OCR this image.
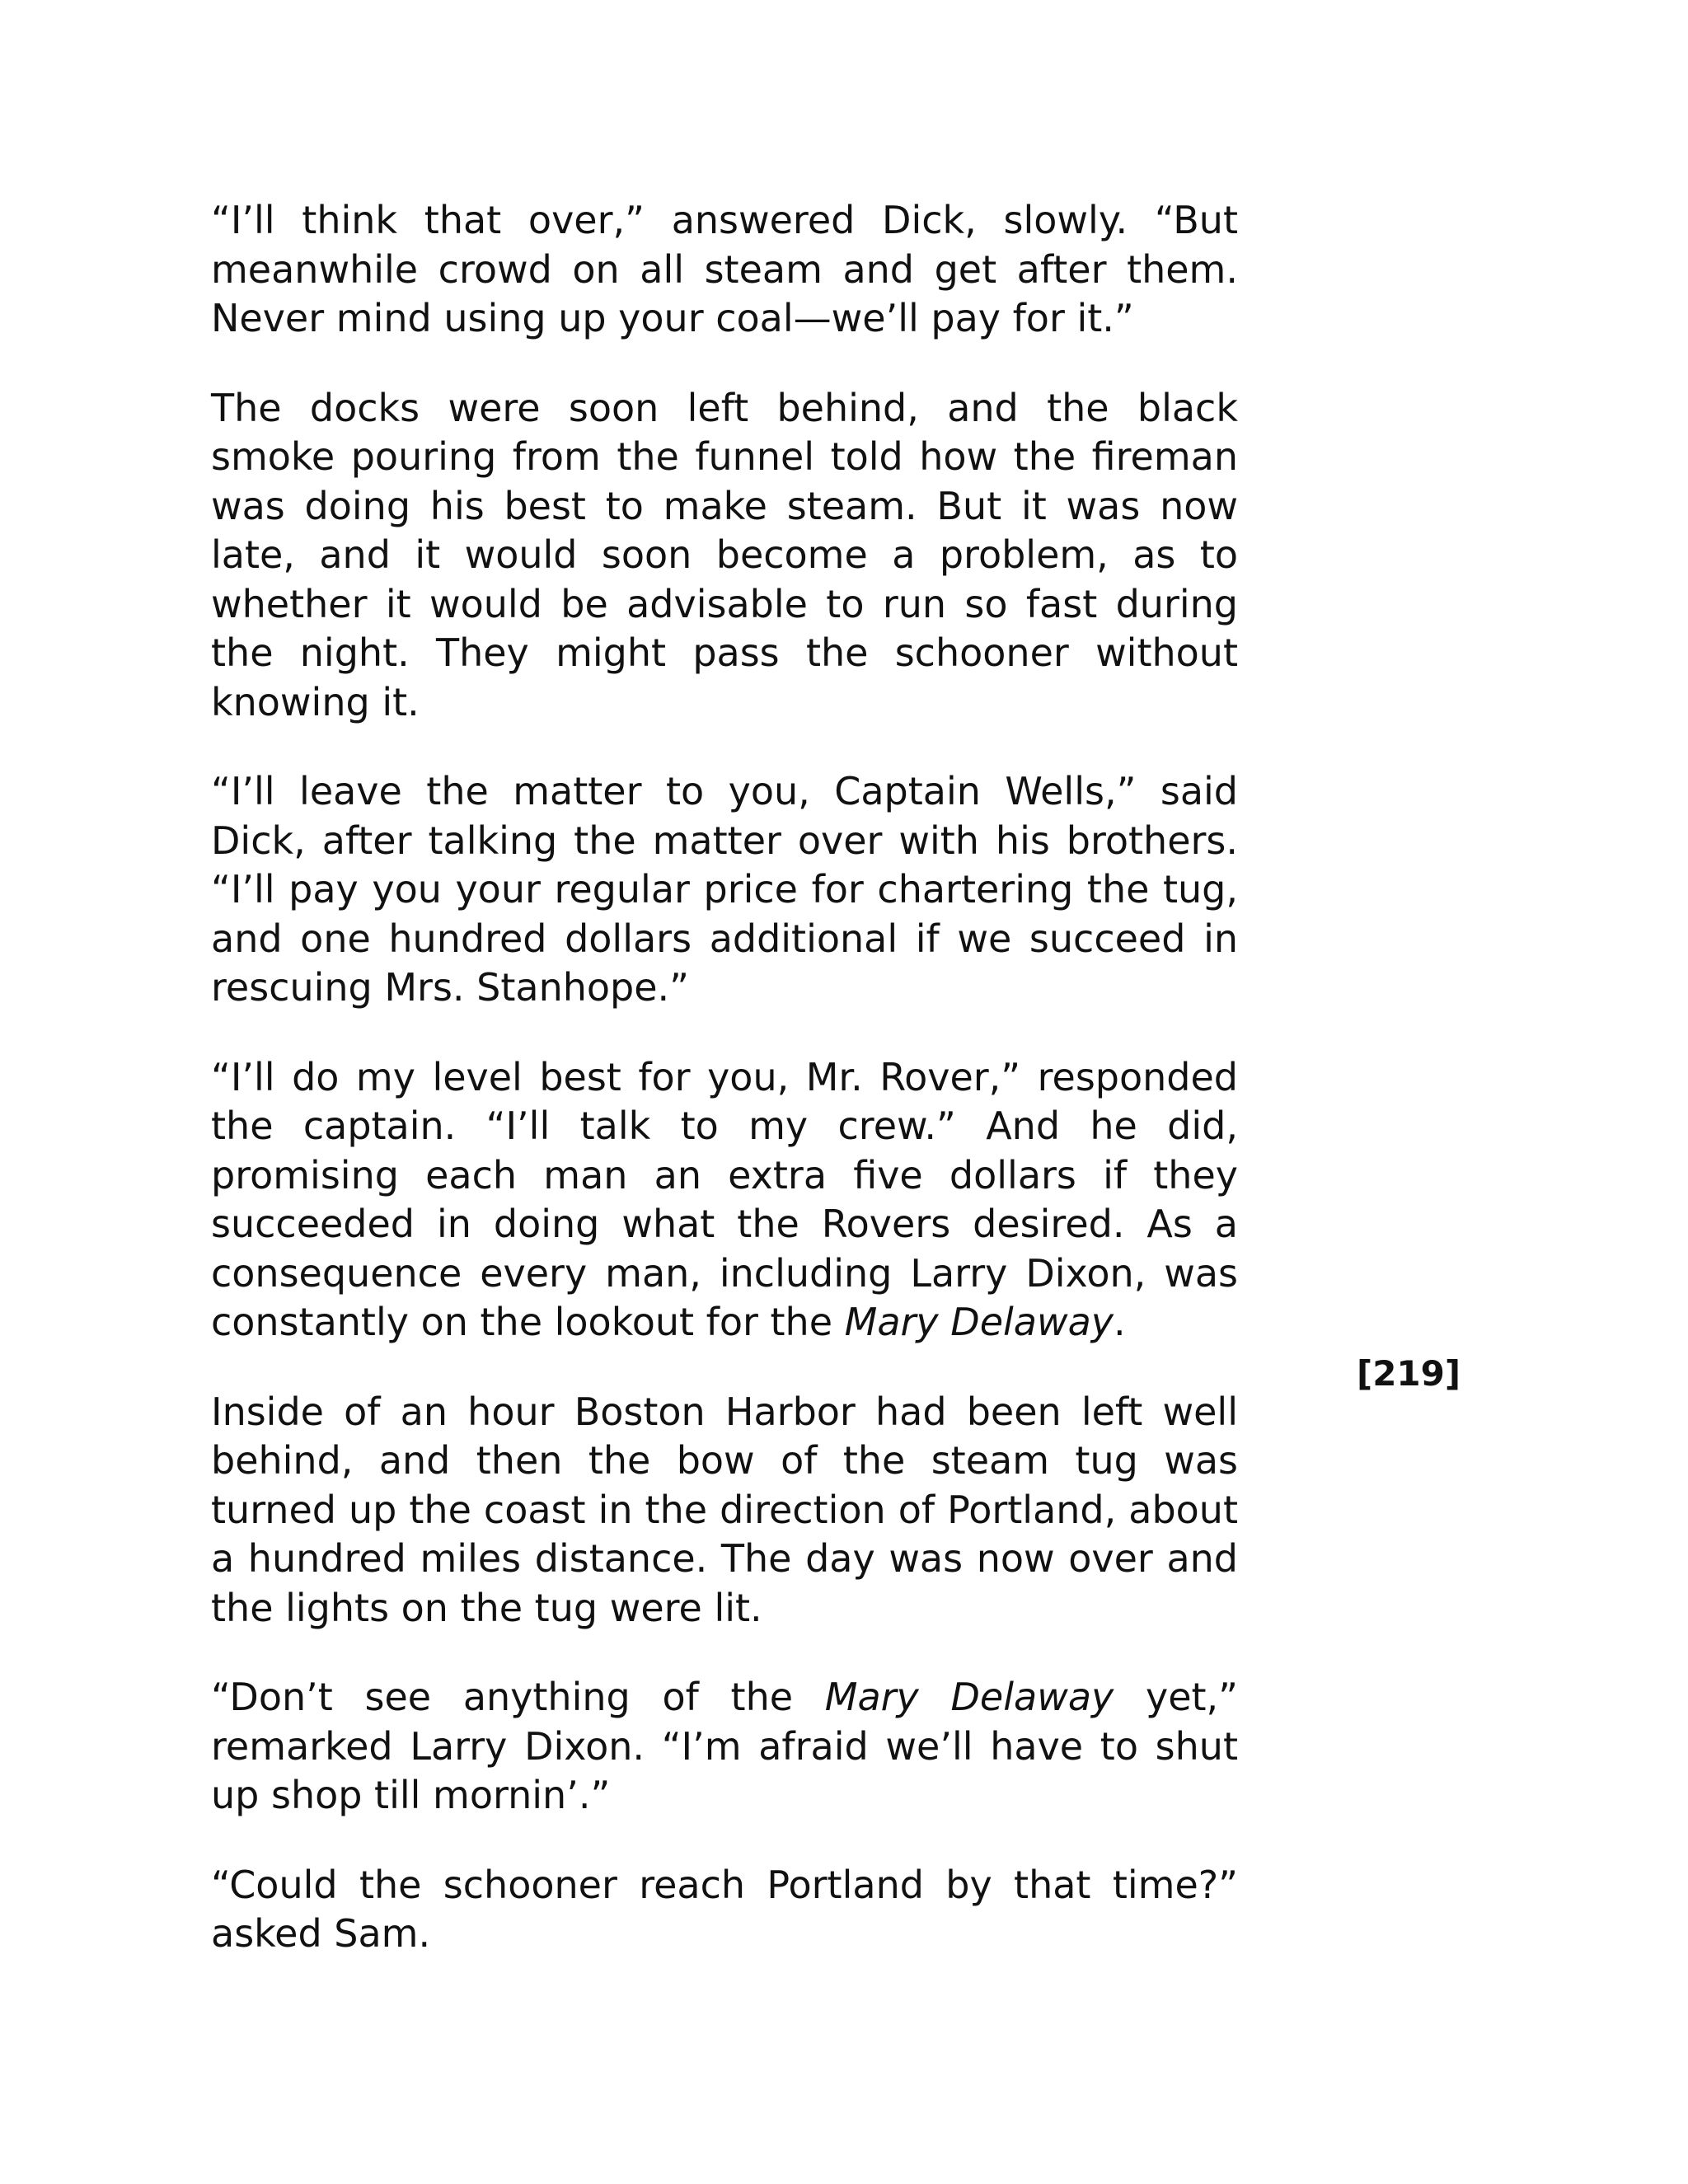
“I’ll think that over,” answered Dick, slowly. “But meanwhile crowd on all steam and get after them. Never mind using up your coal—we’ll pay for it.”

The docks were soon left behind, and the black smoke pouring from the funnel told how the fireman was doing his best to make steam. But it was now late, and it would soon become a problem, as to whether it would be advisable to run so fast during the night. They might pass the schooner without knowing it.

“I’ll leave the matter to you, Captain Wells,” said Dick, after talking the matter over with his brothers. “I’ll pay you your regular price for chartering the tug, and one hundred dollars additional if we succeed in rescuing Mrs. Stanhope.”

“I’ll do my level best for you, Mr. Rover,” responded the captain. “I’ll talk to my crew.” And he did, promising each man an extra five dollars if they succeeded in doing what the Rovers desired. As a consequence every man, including Larry Dixon, was constantly on the lookout for the Mary Delaway.

Inside of an hour Boston Harbor had been left well behind, and then the bow of the steam tug was turned up the coast in the direction of Portland, about a hundred miles distance. The day was now over and the lights on the tug were lit.

“Don’t see anything of the Mary Delaway yet,” remarked Larry Dixon. “I’m afraid we’ll have to shut up shop till mornin’.”

“Could the schooner reach Portland by that time?” asked Sam.

[219]
